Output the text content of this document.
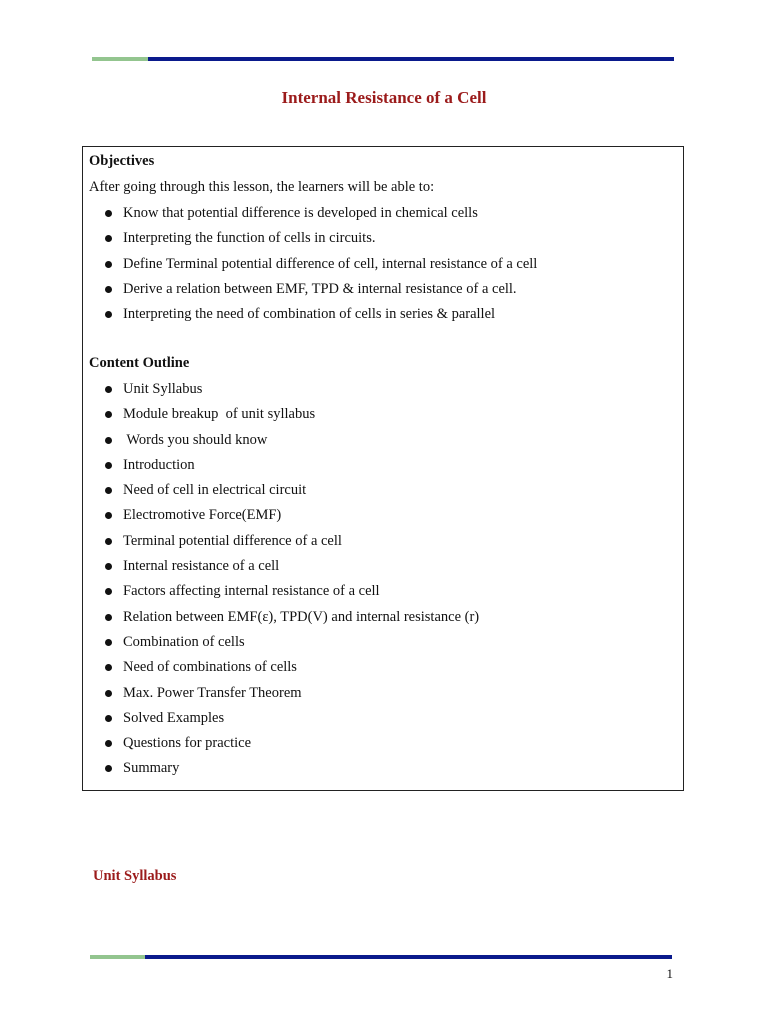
Internal Resistance of a Cell
Objectives
After going through this lesson, the learners will be able to:
Know that potential difference is developed in chemical cells
Interpreting the function of cells in circuits.
Define Terminal potential difference of cell, internal resistance of a cell
Derive a relation between EMF, TPD & internal resistance of a cell.
Interpreting the need of combination of cells in series & parallel
Content Outline
Unit Syllabus
Module breakup  of unit syllabus
Words you should know
Introduction
Need of cell in electrical circuit
Electromotive Force(EMF)
Terminal potential difference of a cell
Internal resistance of a cell
Factors affecting internal resistance of a cell
Relation between EMF(ε), TPD(V) and internal resistance (r)
Combination of cells
Need of combinations of cells
Max. Power Transfer Theorem
Solved Examples
Questions for practice
Summary
Unit Syllabus
1
